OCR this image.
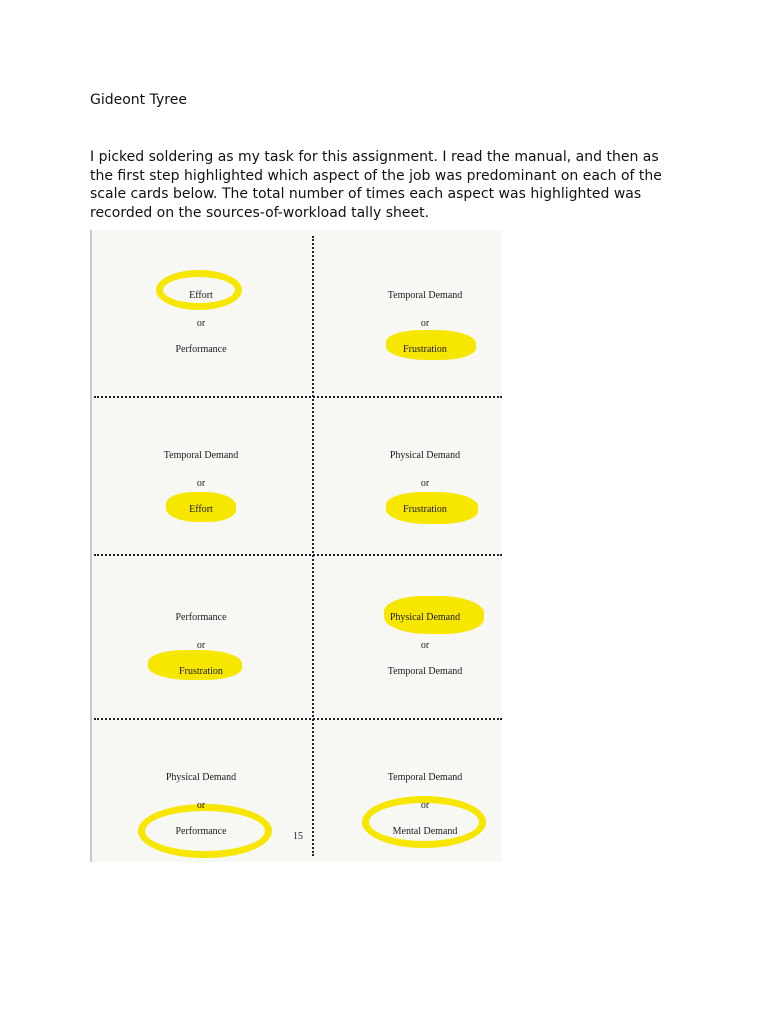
Gideont Tyree

I picked soldering as my task for this assignment. I read the manual, and then as the first step highlighted which aspect of the job was predominant on each of the scale cards below. The total number of times each aspect was highlighted was recorded on the sources-of-workload tally sheet.

Effort
or
Performance
Temporal Demand
or
Frustration
Temporal Demand
or
Effort
Physical Demand
or
Frustration
Performance
or
Frustration
Physical Demand
or
Temporal Demand
Physical Demand
or
Performance
Temporal Demand
or
Mental Demand
15
